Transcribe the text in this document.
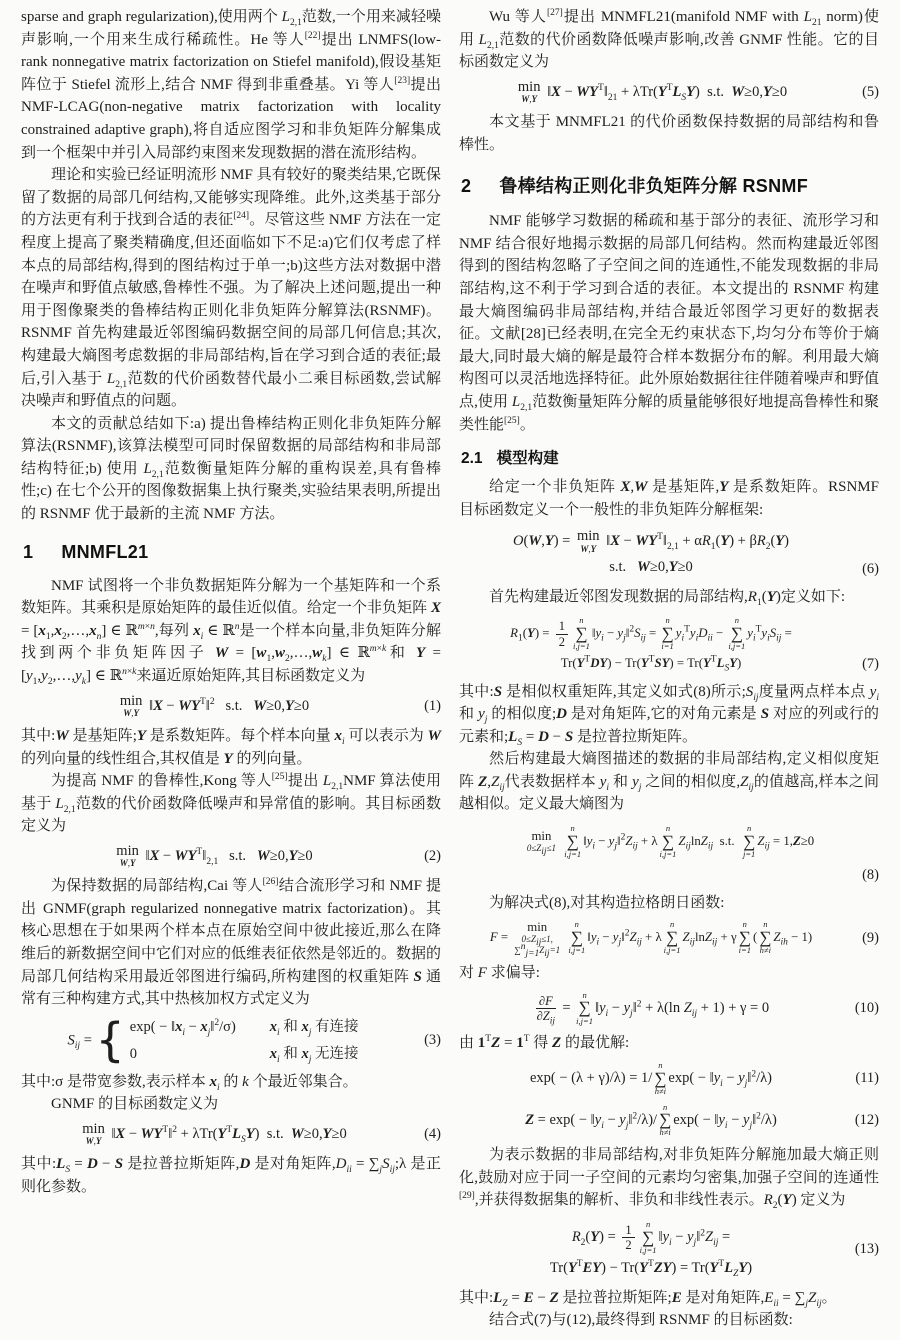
sparse and graph regularization),使用两个 $L_{2,1}$范数,一个用来减轻噪声影响,一个用来生成行稀疏性。He 等人[22]提出 LNMFS(low-rank nonnegative matrix factorization on Stiefel manifold),假设基矩阵位于 Stiefel 流形上,结合 NMF 得到非重叠基。Yi 等人[23]提出 NMF-LCAG(non-negative matrix factorization with locality constrained adaptive graph),将自适应图学习和非负矩阵分解集成到一个框架中并引入局部约束图来发现数据的潜在流形结构。

理论和实验已经证明流形 NMF 具有较好的聚类结果,它既保留了数据的局部几何结构,又能够实现降维。此外,这类基于部分的方法更有利于找到合适的表征[24]。尽管这些 NMF 方法在一定程度上提高了聚类精确度,但还面临如下不足:a)它们仅考虑了样本点的局部结构,得到的图结构过于单一;b)这些方法对数据中潜在噪声和野值点敏感,鲁棒性不强。为了解决上述问题,提出一种用于图像聚类的鲁棒结构正则化非负矩阵分解算法(RSNMF)。RSNMF 首先构建最近邻图编码数据空间的局部几何信息;其次,构建最大熵图考虑数据的非局部结构,旨在学习到合适的表征;最后,引入基于 $L_{2,1}$范数的代价函数替代最小二乘目标函数,尝试解决噪声和野值点的问题。

本文的贡献总结如下:a) 提出鲁棒结构正则化非负矩阵分解算法(RSNMF),该算法模型可同时保留数据的局部结构和非局部结构特征;b) 使用 $L_{2,1}$范数衡量矩阵分解的重构误差,具有鲁棒性;c) 在七个公开的图像数据集上执行聚类,实验结果表明,所提出的 RSNMF 优于最新的主流 NMF 方法。

1 MNMFL21

NMF 试图将一个非负数据矩阵分解为一个基矩阵和一个系数矩阵。其乘积是原始矩阵的最佳近似值。给定一个非负矩阵 $X = [x_1,x_2,\dots,x_n]$ ∈ ℝ$^{m\times n}$,每列 $x_i$ ∈ ℝ$^n$是一个样本向量,非负矩阵分解找到两个非负矩阵因子 $W = [w_1,w_2,\dots,w_k]$ ∈ ℝ$^{m\times k}$和 $Y = [y_1,y_2,\dots,y_k]$ ∈ ℝ$^{n\times k}$来逼近原始矩阵,其目标函数定义为

min
W,Y ‖X − $WY^T‖^2$   s.t.   W≥0,Y≥0	(1)

其中:W 是基矩阵;Y 是系数矩阵。每个样本向量 $x_i$ 可以表示为 W 的列向量的线性组合,其权值是 Y 的列向量。

为提高 NMF 的鲁棒性,Kong 等人[25]提出 $L_{2,1}NMF$ 算法使用基于 $L_{2,1}$范数的代价函数降低噪声和异常值的影响。其目标函数定义为

min
W,Y ‖X − $WY^T‖_{2,1}$   s.t.   W≥0,Y≥0	(2)

为保持数据的局部结构,Cai 等人[26]结合流形学习和 NMF 提出 GNMF(graph regularized nonnegative matrix factorization)。其核心思想在于如果两个样本点在原始空间中彼此接近,那么在降维后的新数据空间中它们对应的低维表征依然是邻近的。数据的局部几何结构采用最近邻图进行编码,所构建图的权重矩阵 S 通常有三种构建方式,其中热核加权方式定义为

$S_{ij}$ = { $\exp( - ‖x_i$ − $x_j‖^2/\sigma$) $x_i$ 和 $x_j$ 有连接
0	$x_i$ 和 $x_j$ 无连接
(3)

其中:σ 是带宽参数,表示样本 $x_i$ 的 k 个最近邻集合。

GNMF 的目标函数定义为

min
W,Y ‖X − $WY^T‖^2 + \lambda Tr(Y^TL_SY)$  s.t.  W≥0,Y≥0	(4)

其中$:L_S = D - S$ 是拉普拉斯矩阵,D 是对角矩阵$,D_{ii}$ = $\sum_jS_{ij};\lambda$ 是正则化参数。

Wu 等人[27]提出 MNMFL21(manifold NMF with $L_{21}$ norm)使用 $L_{2,1}$范数的代价函数降低噪声影响,改善 GNMF 性能。它的目标函数定义为

min
W,Y ‖X − $WY^T‖_{21} + \lambda Tr(Y^TL_SY)$  s.t.  W≥0,Y≥0	(5)

本文基于 MNMFL21 的代价函数保持数据的局部结构和鲁棒性。

2 鲁棒结构正则化非负矩阵分解 RSNMF

NMF 能够学习数据的稀疏和基于部分的表征、流形学习和 NMF 结合很好地揭示数据的局部几何结构。然而构建最近邻图得到的图结构忽略了子空间之间的连通性,不能发现数据的非局部结构,这不利于学习到合适的表征。本文提出的 RSNMF 构建最大熵图编码非局部结构,并结合最近邻图学习更好的数据表征。文献[28]已经表明,在完全无约束状态下,均匀分布等价于熵最大,同时最大熵的解是最符合样本数据分布的解。利用最大熵构图可以灵活地选择特征。此外原始数据往往伴随着噪声和野值点,使用 $L_{2,1}$范数衡量矩阵分解的质量能够很好地提高鲁棒性和聚类性能[25]。

2.1 模型构建

给定一个非负矩阵 X,W 是基矩阵,Y 是系数矩阵。RSNMF 目标函数定义一个一般性的非负矩阵分解框架:

O(W,Y) = min
W,Y ‖X − $WY^T‖_{2,1} + \alpha R_1(Y) + \beta R_2(Y)$
s.t.   W≥0,Y≥0	(6)

首先构建最近邻图发现数据的局部结构$,R_1(Y)$定义如下:

$R_1(Y) = \frac{1}{2}$ n
∑
i,j=1
$‖y_i$ − $y_j‖^2S_{ij}$ =
n
∑
i=1
$y_i^Ty_iD_{ii}$ −
n
∑
i,j=1
$y_i^Ty_iS_{ij}$ =
$Tr(Y^TDY) - Tr(Y^TSY) = Tr(Y^TL_SY)$	(7)

其中:S 是相似权重矩阵,其定义如式(8)所示$;S_{ij}$度量两点样本点 $y_i$ 和 $y_j$ 的相似度;D 是对角矩阵,它的对角元素是 S 对应的列或行的元素和$;L_S = D - S$ 是拉普拉斯矩阵。

然后构建最大熵图描述的数据的非局部结构,定义相似度矩阵 $Z,Z_{ij}$代表数据样本 $y_i$ 和 $y_j$ 之间的相似度$,Z_{ij}$的值越高,样本之间越相似。定义最大熵图为

min
$0\le Z_{ij}\le 1$

n
∑
i,j=1
$‖y_i$ − $y_j‖^2Z_{ij} + \lambda$
n
∑
i,j=1
$Z_{ij}\ln Z_{ij}$  s.t.
n
∑
j=1
$Z_{ij} = 1,Z\ge 0$
(8)

为解决式(8),对其构造拉格朗日函数:

F = min
$0\le Z_{ij}\le 1$,
$\sum^n_{j=1}Z_{ij}=1$

n
∑
i,j=1
$‖y_i$ − $y_j‖^2Z_{ij} + \lambda$
n
∑
i,j=1
$Z_{ij}\ln Z_{ij} + \gamma$
n
∑
i=1
(
n
∑
h≠i
$Z_{ih} - 1$)	(9)

对 F 求偏导:

$\frac{\partial F}{\partial Z_{ij}}$ =
n
∑
i,j=1
$‖y_i$ − $y_j‖^2 + \lambda(\ln$ $Z_{ij} + 1) + \gamma = 0$	(10)

由 $1^TZ = 1^T$ 得 Z 的最优解:

exp( − (λ + γ)/λ) = 1/
n
∑
h≠i
$\exp( - ‖y_i$ − $y_j‖^2/\lambda$)	(11)
$Z = \exp( - ‖y_i$ − $y_j‖^2/\lambda)/$
n
∑
h≠i
$\exp( - ‖y_i$ − $y_j‖^2/\lambda$)	(12)

为表示数据的非局部结构,对非负矩阵分解施加最大熵正则化,鼓励对应于同一子空间的元素均匀密集,加强子空间的连通性[29],并获得数据集的解析、非负和非线性表示。$R_2(Y)$ 定义为

$R_2(Y) = \frac{1}{2}$ n
∑
i,j=1
$‖y_i$ − $y_j‖^2Z_{ij}$ =
$Tr(Y^TEY) - Tr(Y^TZY) = Tr(Y^TL_ZY)$
(13)

其中$:L_Z = E - Z$ 是拉普拉斯矩阵;E 是对角矩阵$,E_{ii} = \sum_jZ_{ij}$。

结合式(7)与(12),最终得到 RSNMF 的目标函数:
